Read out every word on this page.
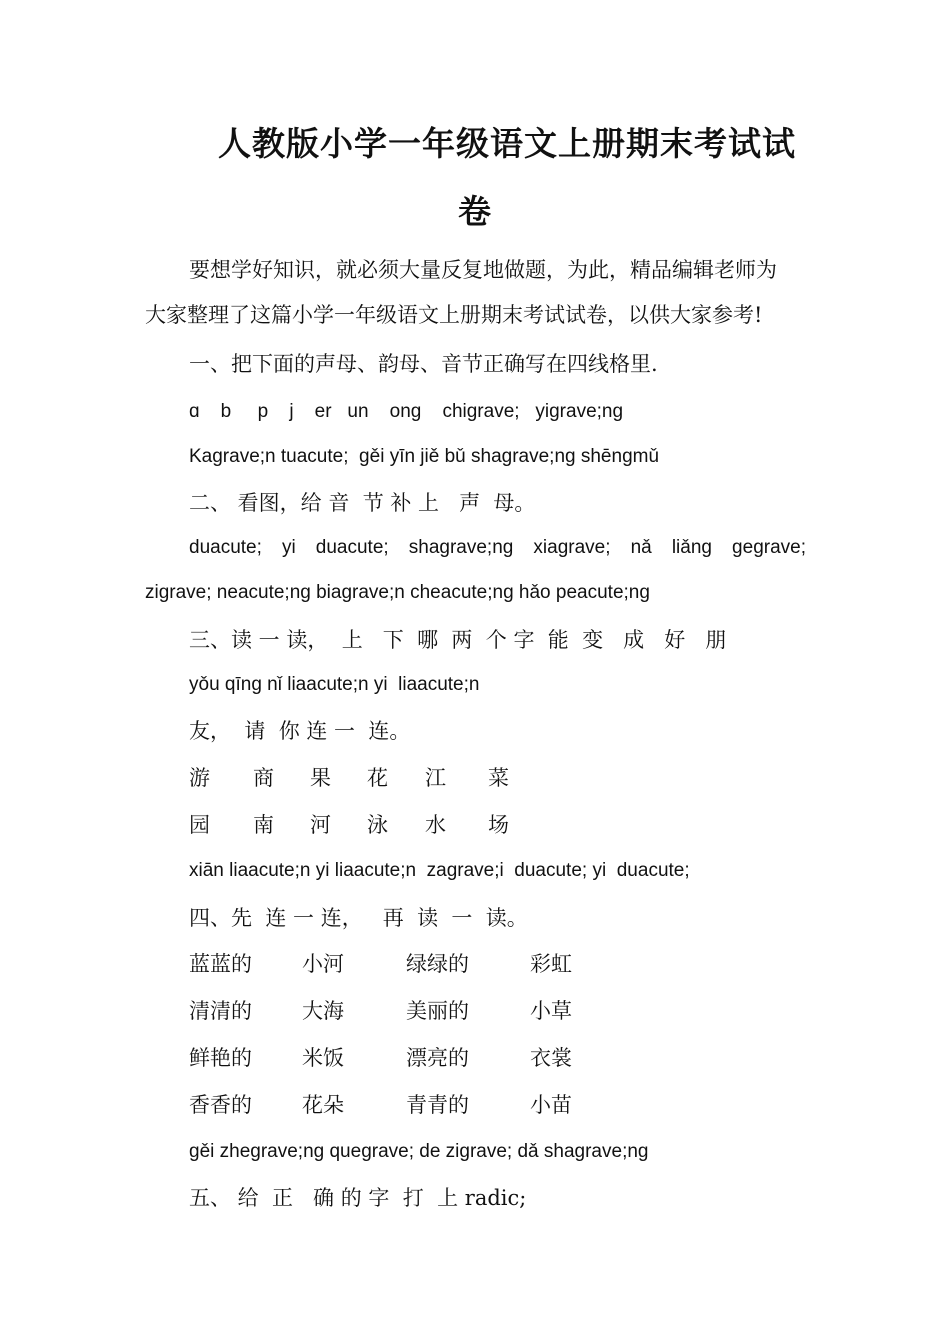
人教版小学一年级语文上册期末考试试
卷
要想学好知识，就必须大量反复地做题，为此，精品编辑老师为
大家整理了这篇小学一年级语文上册期末考试试卷，以供大家参考!
一、把下面的声母、韵母、音节正确写在四线格里.
ɑ    b     p    j    er   un    ong    chigrave;   yigrave;ng
Kagrave;n tuacute;  gěi yīn jiě bǔ shagrave;ng shēngmǔ
二、 看图，给 音  节 补 上   声  母。
duacute; yi duacute; shagrave;ng xiagrave; nǎ liǎng gegrave;
zigrave; neacute;ng biagrave;n cheacute;ng hǎo peacute;ng
三、读 一 读，  上   下  哪  两  个 字  能  变   成   好   朋
yǒu qīng nǐ liaacute;n yi  liaacute;n
友，  请  你 连 一  连。
游 商 果 花 江 菜
园 南 河 泳 水 场
xiān liaacute;n yi liaacute;n  zagrave;i  duacute; yi  duacute;
四、先  连 一 连，   再  读  一  读。
蓝蓝的 小河	绿绿的	彩虹
清清的 大海	美丽的	小草
鲜艳的 米饭	漂亮的	衣裳
香香的 花朵	青青的	小苗
gěi zhegrave;ng quegrave; de zigrave; dǎ shagrave;ng
五、 给  正   确 的 字  打  上 radic;
